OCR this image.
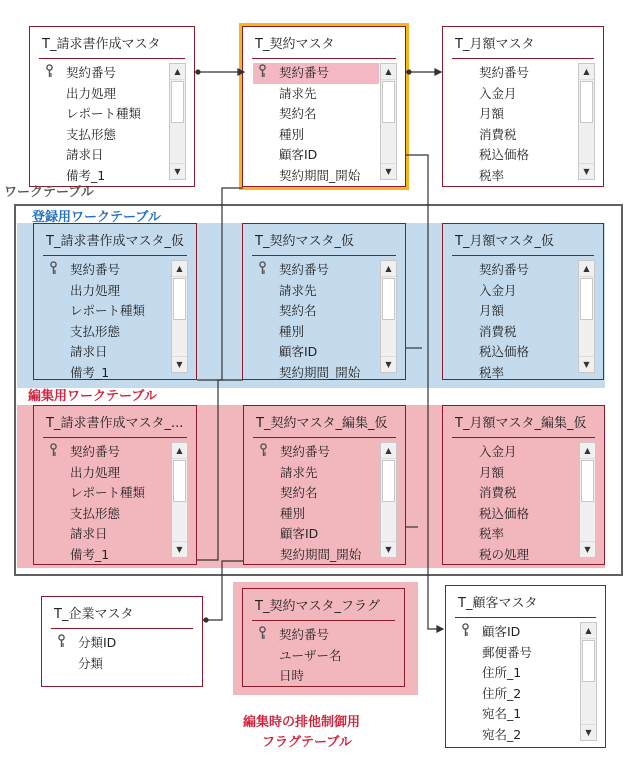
T_請求書作成マスタ
契約番号
出力処理
レポート種類
支払形態
請求日
備考_1
▲
▼
T_契約マスタ
契約番号
請求先
契約名
種別
顧客ID
契約期間_開始
▲
▼
T_月額マスタ
契約番号
入金月
月額
消費税
税込価格
税率
▲
▼
T_請求書作成マスタ_仮
契約番号
出力処理
レポート種類
支払形態
請求日
備考_1
▲
▼
T_契約マスタ_仮
契約番号
請求先
契約名
種別
顧客ID
契約期間_開始
▲
▼
T_月額マスタ_仮
契約番号
入金月
月額
消費税
税込価格
税率
▲
▼
T_請求書作成マスタ_...
契約番号
出力処理
レポート種類
支払形態
請求日
備考_1
▲
▼
T_契約マスタ_編集_仮
契約番号
請求先
契約名
種別
顧客ID
契約期間_開始
▲
▼
T_月額マスタ_編集_仮
入金月
月額
消費税
税込価格
税率
税の処理
▲
▼
T_企業マスタ
分類ID
分類
T_契約マスタ_フラグ
契約番号
ユーザー名
日時
T_顧客マスタ
顧客ID
郵便番号
住所_1
住所_2
宛名_1
宛名_2
▲
▼
ワークテーブル
登録用ワークテーブル
編集用ワークテーブル
編集時の排他制御用
フラグテーブル
